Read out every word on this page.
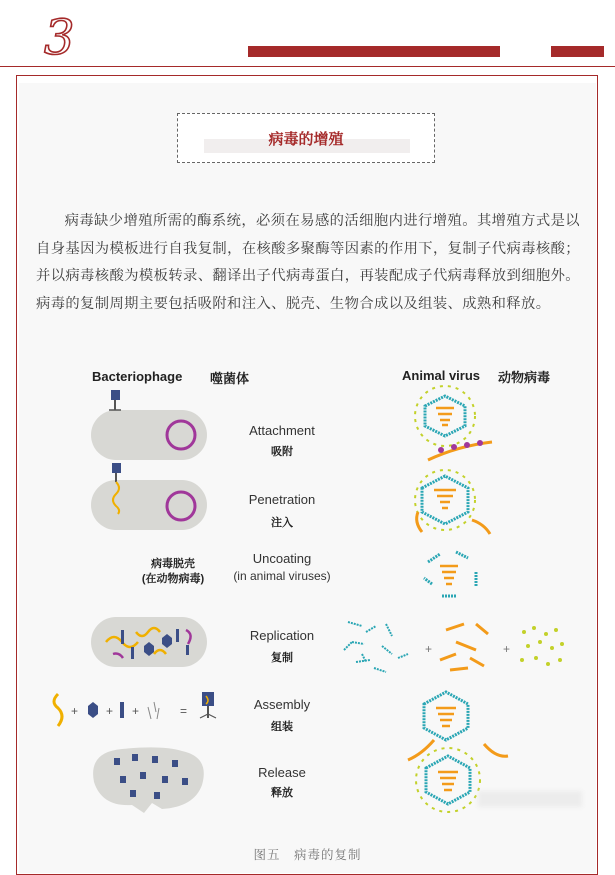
3
病毒的增殖
病毒缺少增殖所需的酶系统，必须在易感的活细胞内进行增殖。其增殖方式是以自身基因为模板进行自我复制，在核酸多聚酶等因素的作用下，复制子代病毒核酸；并以病毒核酸为模板转录、翻译出子代病毒蛋白，再装配成子代病毒释放到细胞外。病毒的复制周期主要包括吸附和注入、脱壳、生物合成以及组装、成熟和释放。
Bacteriophage 噬菌体	Animal virus 动物病毒
Attachment
吸附
Penetration
注入
Uncoating
(in animal viruses)
Replication
复制
Assembly
组装
Release
释放
病毒脱壳
(在动物病毒)
+ + +	=
+	+
图五　病毒的复制
